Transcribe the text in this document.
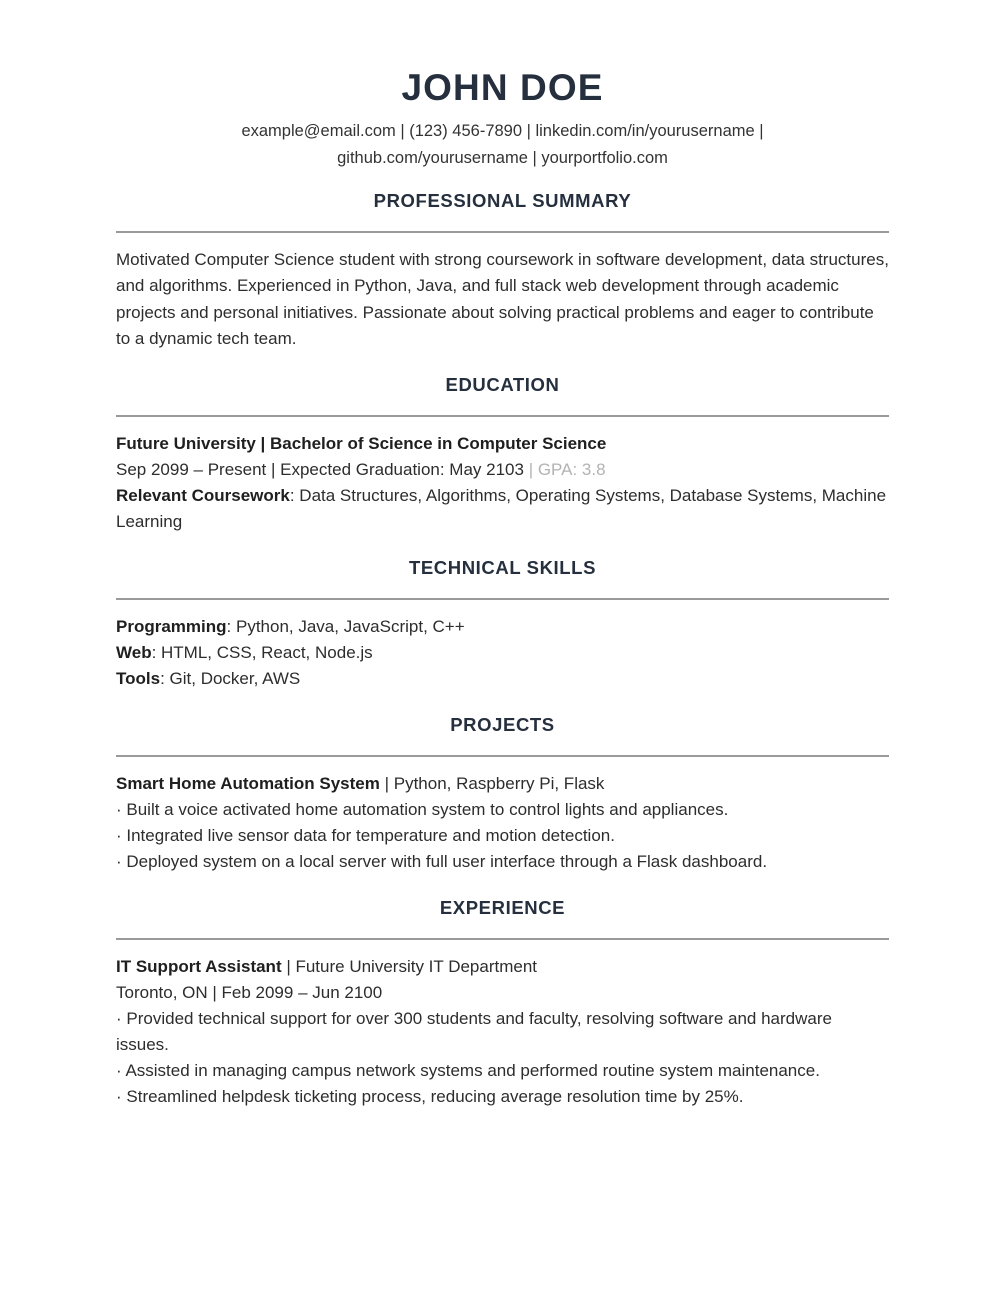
JOHN DOE

example@email.com | (123) 456-7890 | linkedin.com/in/yourusername |

github.com/yourusername | yourportfolio.com

PROFESSIONAL SUMMARY

Motivated Computer Science student with strong coursework in software development, data structures, and algorithms. Experienced in Python, Java, and full stack web development through academic projects and personal initiatives. Passionate about solving practical problems and eager to contribute to a dynamic tech team.

EDUCATION

Future University | Bachelor of Science in Computer Science

Sep 2099 – Present | Expected Graduation: May 2103 | GPA: 3.8

Relevant Coursework: Data Structures, Algorithms, Operating Systems, Database Systems, Machine Learning

TECHNICAL SKILLS

Programming: Python, Java, JavaScript, C++

Web: HTML, CSS, React, Node.js

Tools: Git, Docker, AWS

PROJECTS

Smart Home Automation System | Python, Raspberry Pi, Flask

· Built a voice activated home automation system to control lights and appliances.

· Integrated live sensor data for temperature and motion detection.

· Deployed system on a local server with full user interface through a Flask dashboard.

EXPERIENCE

IT Support Assistant | Future University IT Department

Toronto, ON | Feb 2099 – Jun 2100

· Provided technical support for over 300 students and faculty, resolving software and hardware issues.

· Assisted in managing campus network systems and performed routine system maintenance.

· Streamlined helpdesk ticketing process, reducing average resolution time by 25%.
